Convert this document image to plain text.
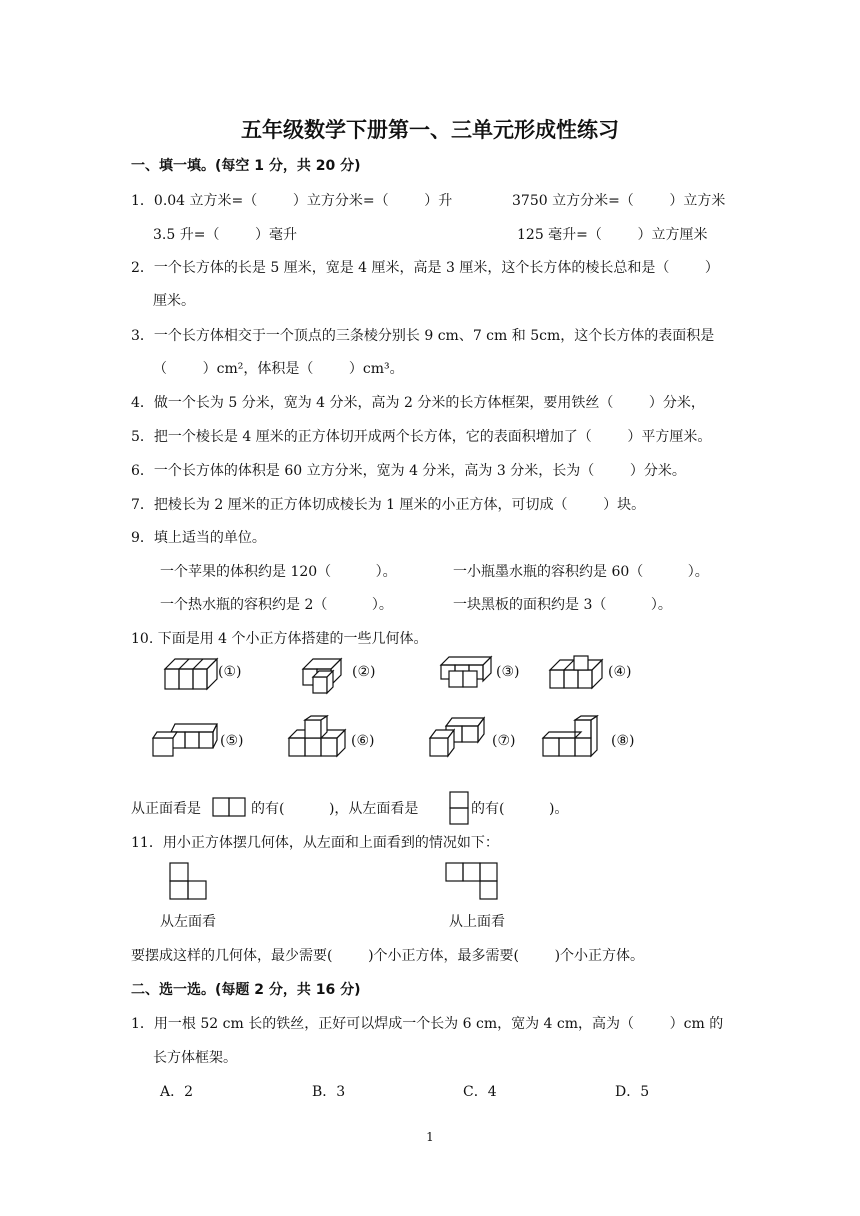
五年级数学下册第一、三单元形成性练习
一、填一填。(每空 1 分，共 20 分)
1．0.04 立方米=（        ）立方分米=（        ）升	3750 立方分米=（        ）立方米
3.5 升=（        ）毫升	125 毫升=（        ）立方厘米
2．一个长方体的长是 5 厘米，宽是 4 厘米，高是 3 厘米，这个长方体的棱长总和是（        ）
厘米。
3．一个长方体相交于一个顶点的三条棱分别长 9 cm、7 cm 和 5cm，这个长方体的表面积是
（        ）cm²，体积是（        ）cm³。
4．做一个长为 5 分米，宽为 4 分米，高为 2 分米的长方体框架，要用铁丝（        ）分米，
5．把一个棱长是 4 厘米的正方体切开成两个长方体，它的表面积增加了（        ）平方厘米。
6．一个长方体的体积是 60 立方分米，宽为 4 分米，高为 3 分米，长为（        ）分米。
7．把棱长为 2 厘米的正方体切成棱长为 1 厘米的小正方体，可切成（        ）块。
9．填上适当的单位。
一个苹果的体积约是 120（          ）。	一小瓶墨水瓶的容积约是 60（          ）。
一个热水瓶的容积约是 2（          ）。	一块黑板的面积约是 3（          ）。
10. 下面是用 4 个小正方体搭建的一些几何体。
(①)	(②)	(③)	(④)
(⑤)	(⑥)	(⑦)	(⑧)
从正面看是	的有(          )，从左面看是	的有(          )。
11．用小正方体摆几何体，从左面和上面看到的情况如下：
从左面看	从上面看
要摆成这样的几何体，最少需要(        )个小正方体，最多需要(        )个小正方体。
二、选一选。(每题 2 分，共 16 分)
1．用一根 52 cm 长的铁丝，正好可以焊成一个长为 6 cm，宽为 4 cm，高为（        ）cm 的
长方体框架。
A．2	B．3	C．4	D．5
1
